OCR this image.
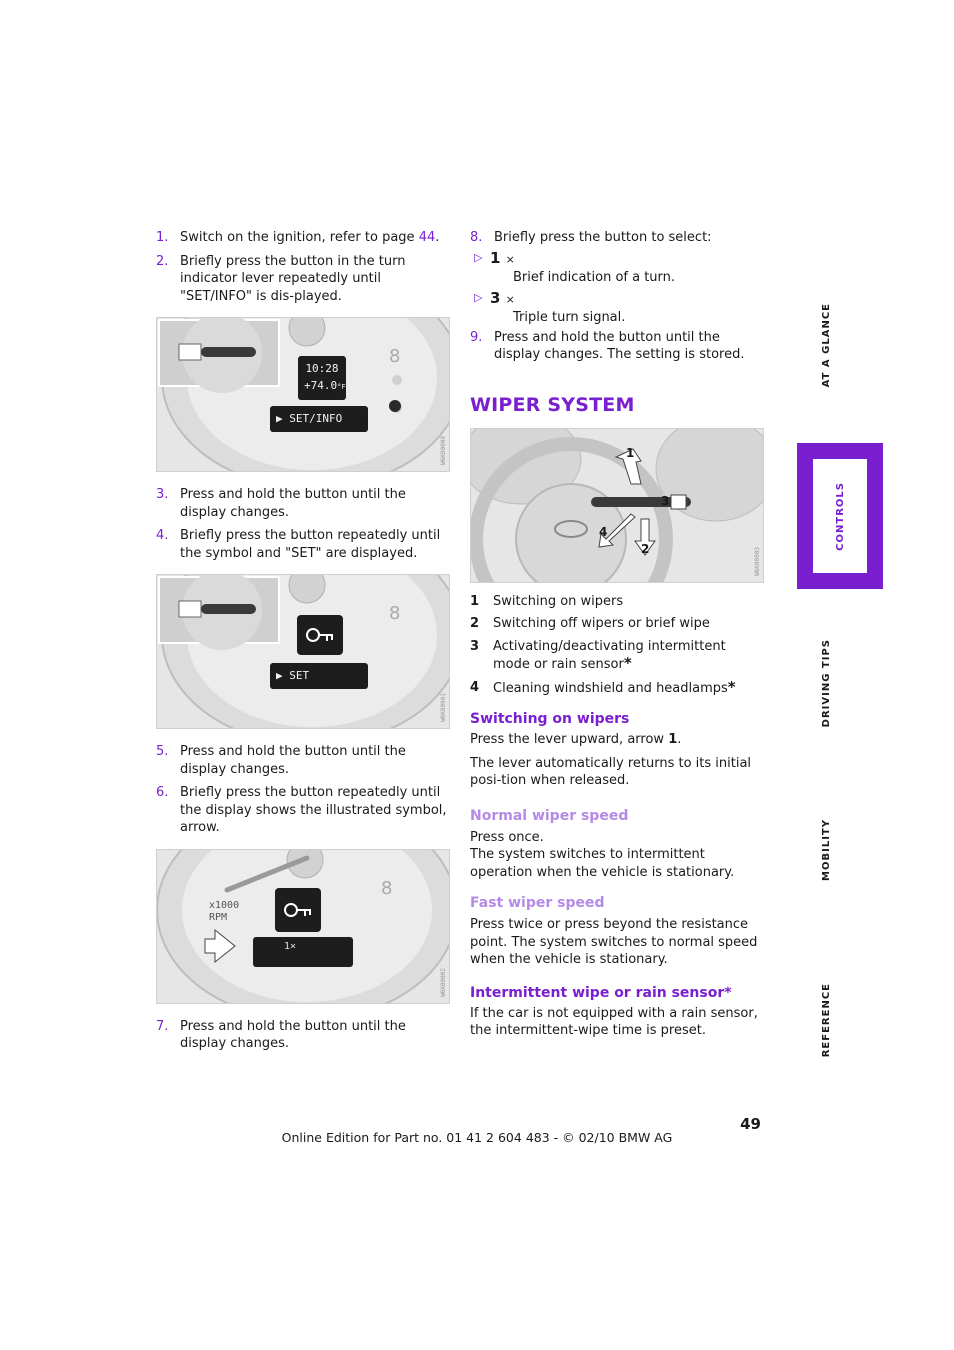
1. Switch on the ignition, refer to page 44.
2. Briefly press the button in the turn indicator lever repeatedly until "SET/INFO" is dis-played.
8
10:28
+74.0°F
▶ SET/INFO
W6K00000
3. Press and hold the button until the display changes.
4. Briefly press the button repeatedly until the symbol and "SET" are displayed.
8
▶ SET
W6K00001
5. Press and hold the button until the display changes.
6. Briefly press the button repeatedly until the display shows the illustrated symbol, arrow.
8
x1000
RPM
1×
W6K00002
7. Press and hold the button until the display changes.
8. Briefly press the button to select:
▷ 1 ⨯
Brief indication of a turn.
▷ 3 ⨯
Triple turn signal.
9. Press and hold the button until the display changes. The setting is stored.
WIPER SYSTEM
1
2
3
4
W6K00003
1	Switching on wipers
2	Switching off wipers or brief wipe
3	Activating/deactivating intermittent mode or rain sensor*
4	Cleaning windshield and headlamps*
Switching on wipers

Press the lever upward, arrow 1.

The lever automatically returns to its initial posi-tion when released.

Normal wiper speed

Press once.

The system switches to intermittent operation when the vehicle is stationary.

Fast wiper speed

Press twice or press beyond the resistance point. The system switches to normal speed when the vehicle is stationary.

Intermittent wipe or rain sensor*

If the car is not equipped with a rain sensor, the intermittent-wipe time is preset.

AT A GLANCE
CONTROLS
DRIVING TIPS
MOBILITY
REFERENCE
49
Online Edition for Part no. 01 41 2 604 483 - © 02/10 BMW AG
